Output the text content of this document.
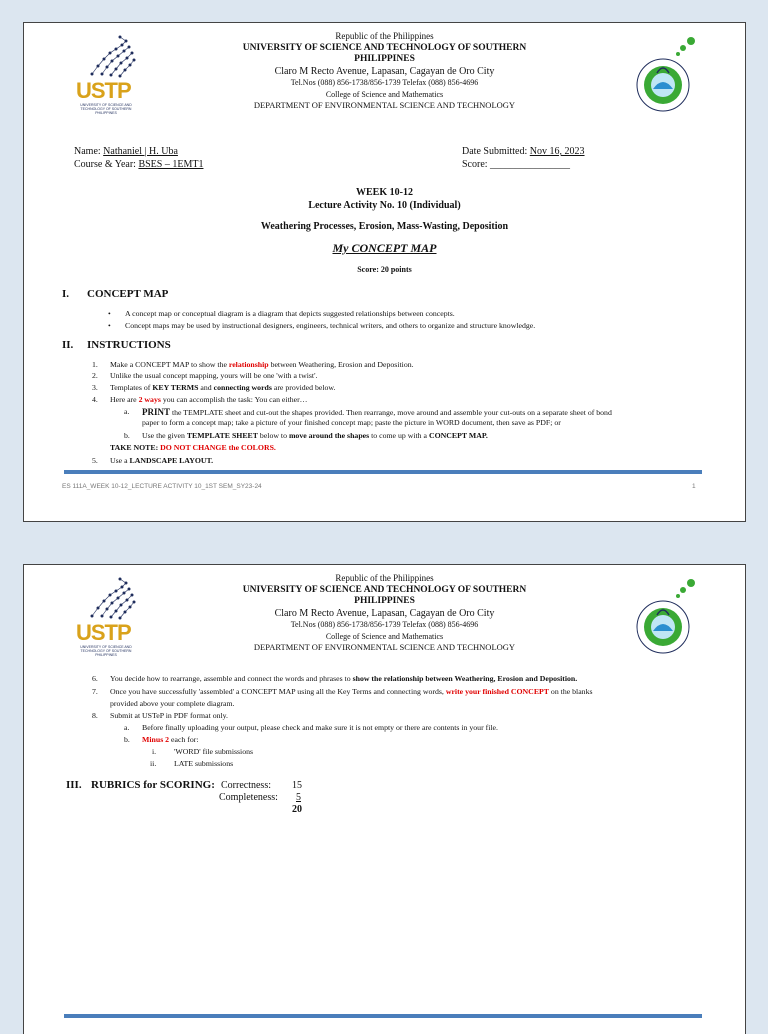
USTP
UNIVERSITY OF SCIENCE AND TECHNOLOGY OF SOUTHERN PHILIPPINES
Republic of the Philippines
UNIVERSITY OF SCIENCE AND TECHNOLOGY OF SOUTHERN
PHILIPPINES
Claro M Recto Avenue, Lapasan, Cagayan de Oro City
Tel.Nos (088) 856-1738/856-1739 Telefax (088) 856-4696
College of Science and Mathematics
DEPARTMENT OF ENVIRONMENTAL SCIENCE AND TECHNOLOGY
Name: Nathaniel | H. Uba
Course & Year: BSES – 1EMT1
Date Submitted: Nov 16, 2023
Score: ________________
WEEK 10-12
Lecture Activity No. 10 (Individual)
Weathering Processes, Erosion, Mass-Wasting, Deposition
My CONCEPT MAP
Score: 20 points
I. CONCEPT MAP
• A concept map or conceptual diagram is a diagram that depicts suggested relationships between concepts.
• Concept maps may be used by instructional designers, engineers, technical writers, and others to organize and structure knowledge.
II. INSTRUCTIONS
1. Make a CONCEPT MAP to show the relationship between Weathering, Erosion and Deposition.
2. Unlike the usual concept mapping, yours will be one 'with a twist'.
3. Templates of KEY TERMS and connecting words are provided below.
4. Here are 2 ways you can accomplish the task: You can either…
a. PRINT the TEMPLATE sheet and cut-out the shapes provided. Then rearrange, move around and assemble your cut-outs on a separate sheet of bond
paper to form a concept map; take a picture of your finished concept map; paste the picture in WORD document, then save as PDF; or
b. Use the given TEMPLATE SHEET below to move around the shapes to come up with a CONCEPT MAP.
TAKE NOTE: DO NOT CHANGE the COLORS.
5. Use a LANDSCAPE LAYOUT.
ES 111A_WEEK 10-12_LECTURE ACTIVITY 10_1ST SEM_SY23-24	1
USTP
UNIVERSITY OF SCIENCE AND TECHNOLOGY OF SOUTHERN PHILIPPINES
Republic of the Philippines
UNIVERSITY OF SCIENCE AND TECHNOLOGY OF SOUTHERN
PHILIPPINES
Claro M Recto Avenue, Lapasan, Cagayan de Oro City
Tel.Nos (088) 856-1738/856-1739 Telefax (088) 856-4696
College of Science and Mathematics
DEPARTMENT OF ENVIRONMENTAL SCIENCE AND TECHNOLOGY
6. You decide how to rearrange, assemble and connect the words and phrases to show the relationship between Weathering, Erosion and Deposition.
7. Once you have successfully 'assembled' a CONCEPT MAP using all the Key Terms and connecting words, write your finished CONCEPT on the blanks
provided above your complete diagram.
8. Submit at USTeP in PDF format only.
a. Before finally uploading your output, please check and make sure it is not empty or there are contents in your file.
b. Minus 2 each for:
i. 'WORD' file submissions
ii. LATE submissions
III. RUBRICS for SCORING: Correctness: 15
Completeness: 5
20
